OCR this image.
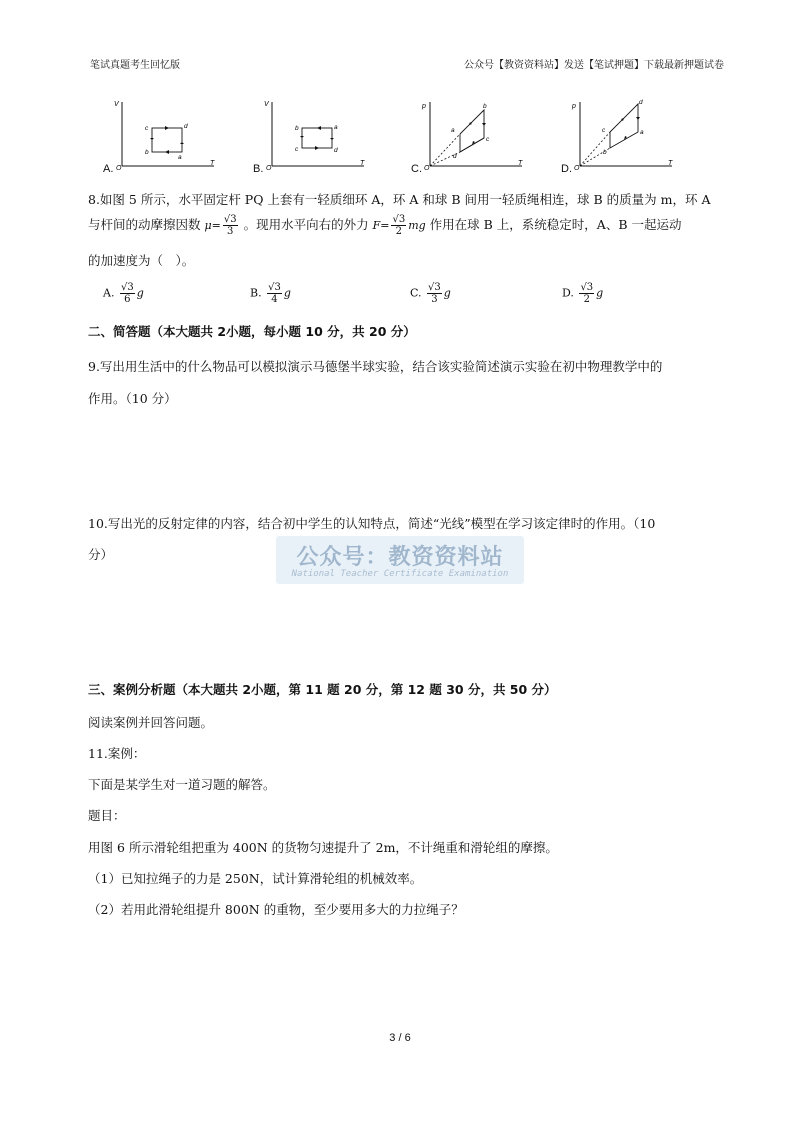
笔试真题考生回忆版	公众号【教资资料站】发送【笔试押题】下载最新押题试卷
V
T
O
c	d
b
a
A.
V
T
O
b	a
c	d
B.
p
T
O
a
b
c
d
C.
p
T
O
c
d
a
b
D.
8.如图 5 所示，水平固定杆 PQ 上套有一轻质细环 A，环 A 和球 B 间用一轻质绳相连，球 B 的质量为 m，环 A
与杆间的动摩擦因数 $\mu= \frac{√3}{3}$ 。现用水平向右的外力 $F= \frac{√3}{2}$ mg 作用在球 B 上，系统稳定时，A、B 一起运动
的加速度为（　）。
A. $\frac{√3}{6}$ g	B. $\frac{√3}{4}$ g	C. $\frac{√3}{3}$ g	D. $\frac{√3}{2}$ g
二、简答题（本大题共 2小题，每小题 10 分，共 20 分）
9.写出用生活中的什么物品可以模拟演示马德堡半球实验，结合该实验简述演示实验在初中物理教学中的
作用。（10 分）
10.写出光的反射定律的内容，结合初中学生的认知特点，简述“光线”模型在学习该定律时的作用。（10
分）	公众号：教资资料站
National Teacher Certificate Examination
三、案例分析题（本大题共 2小题，第 11 题 20 分，第 12 题 30 分，共 50 分）
阅读案例并回答问题。
11.案例：
下面是某学生对一道习题的解答。
题目：
用图 6 所示滑轮组把重为 400N 的货物匀速提升了 2m，不计绳重和滑轮组的摩擦。
（1）已知拉绳子的力是 250N，试计算滑轮组的机械效率。
（2）若用此滑轮组提升 800N 的重物，至少要用多大的力拉绳子？
3 / 6
